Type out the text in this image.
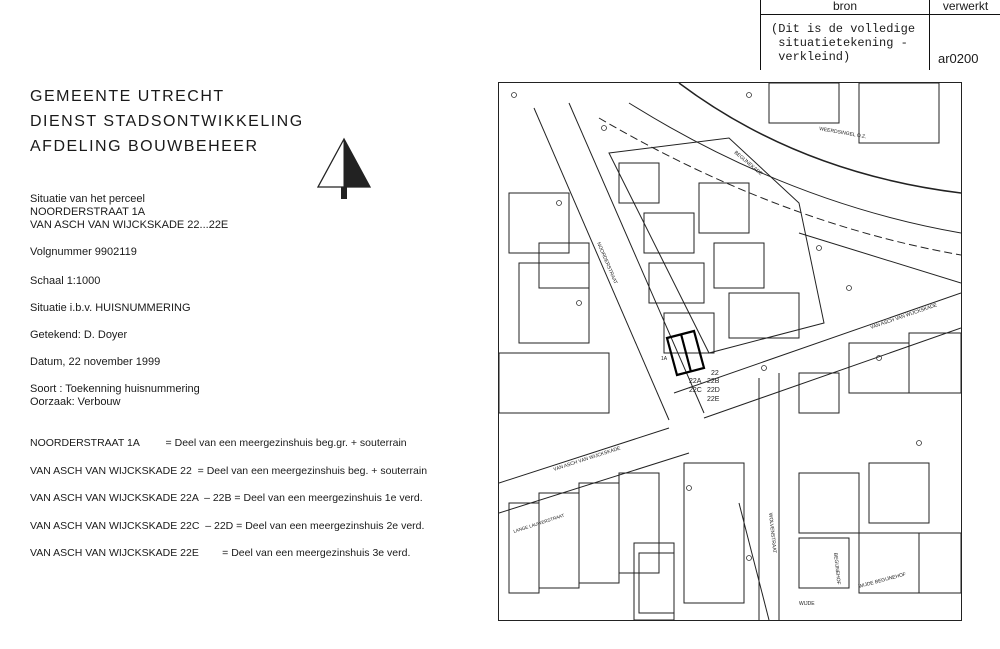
bron
(Dit is de volledige
situatietekening -
verkleind)
verwerkt
ar0200
GEMEENTE UTRECHT
DIENST STADSONTWIKKELING
AFDELING BOUWBEHEER
Situatie van het perceel
NOORDERSTRAAT 1A
VAN ASCH VAN WIJCKSKADE 22...22E
Volgnummer 9902119
Schaal 1:1000
Situatie i.b.v. HUISNUMMERING
Getekend: D. Doyer
Datum, 22 november 1999
Soort : Toekenning huisnummering
Oorzaak: Verbouw
NOORDERSTRAAT 1A         = Deel van een meergezinshuis beg.gr. + souterrain
VAN ASCH VAN WIJCKSKADE 22  = Deel van een meergezinshuis beg. + souterrain
VAN ASCH VAN WIJCKSKADE 22A  – 22B = Deel van een meergezinshuis 1e verd.
VAN ASCH VAN WIJCKSKADE 22C  – 22D = Deel van een meergezinshuis 2e verd.
VAN ASCH VAN WIJCKSKADE 22E        = Deel van een meergezinshuis 3e verd.
WEERDSINGEL O.Z.
BEGIJNEKADE
NOORDERSTRAAT
VAN ASCH VAN WIJCKSKADE
VAN ASCH VAN WIJCKSKADE
LANGE LAUWERSTRAAT	WOLVENSTRAAT
BEGIJNEHOF	WIJDE BEGIJNEHOF
WIJDE
1A
22
22A 22B
22C 22D
22E
